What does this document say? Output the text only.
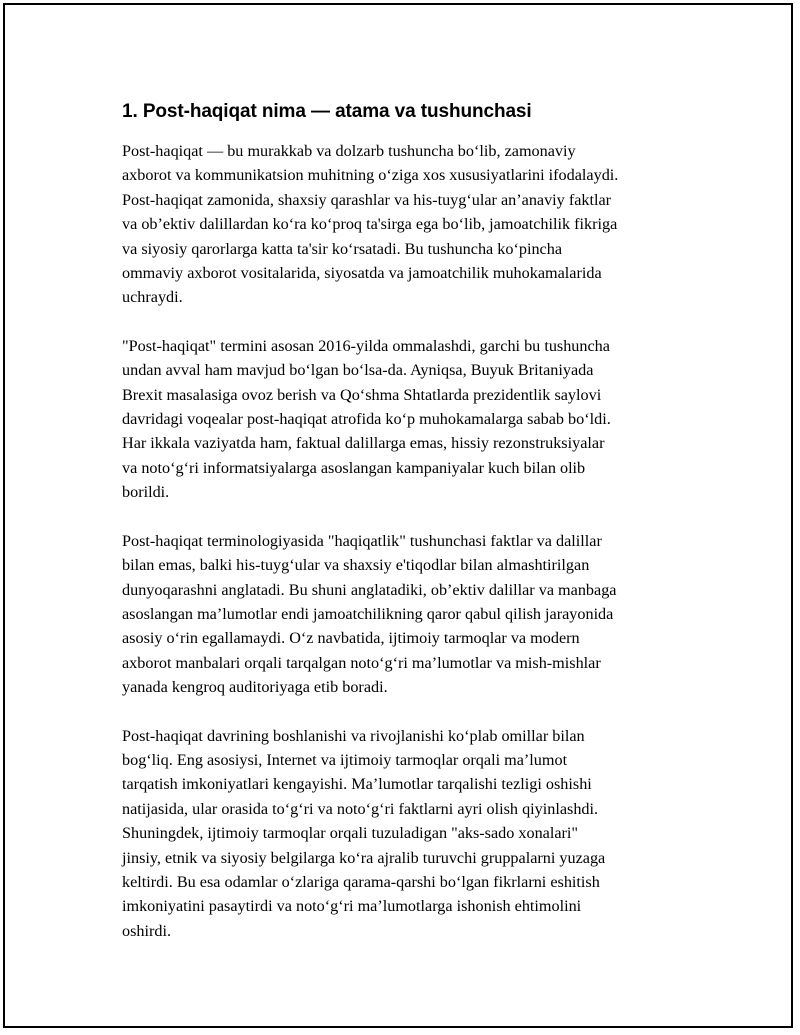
1. Post-haqiqat nima — atama va tushunchasi

Post-haqiqat — bu murakkab va dolzarb tushuncha bo‘lib, zamonaviy
axborot va kommunikatsion muhitning o‘ziga xos xususiyatlarini ifodalaydi.
Post-haqiqat zamonida, shaxsiy qarashlar va his-tuyg‘ular an’anaviy faktlar
va ob’ektiv dalillardan ko‘ra ko‘proq ta'sirga ega bo‘lib, jamoatchilik fikriga
va siyosiy qarorlarga katta ta'sir ko‘rsatadi. Bu tushuncha ko‘pincha
ommaviy axborot vositalarida, siyosatda va jamoatchilik muhokamalarida
uchraydi.

"Post-haqiqat" termini asosan 2016-yilda ommalashdi, garchi bu tushuncha
undan avval ham mavjud bo‘lgan bo‘lsa-da. Ayniqsa, Buyuk Britaniyada
Brexit masalasiga ovoz berish va Qo‘shma Shtatlarda prezidentlik saylovi
davridagi voqealar post-haqiqat atrofida ko‘p muhokamalarga sabab bo‘ldi.
Har ikkala vaziyatda ham, faktual dalillarga emas, hissiy rezonstruksiyalar
va noto‘g‘ri informatsiyalarga asoslangan kampaniyalar kuch bilan olib
borildi.

Post-haqiqat terminologiyasida "haqiqatlik" tushunchasi faktlar va dalillar
bilan emas, balki his-tuyg‘ular va shaxsiy e'tiqodlar bilan almashtirilgan
dunyoqarashni anglatadi. Bu shuni anglatadiki, ob’ektiv dalillar va manbaga
asoslangan ma’lumotlar endi jamoatchilikning qaror qabul qilish jarayonida
asosiy o‘rin egallamaydi. O‘z navbatida, ijtimoiy tarmoqlar va modern
axborot manbalari orqali tarqalgan noto‘g‘ri ma’lumotlar va mish-mishlar
yanada kengroq auditoriyaga etib boradi.

Post-haqiqat davrining boshlanishi va rivojlanishi ko‘plab omillar bilan
bog‘liq. Eng asosiysi, Internet va ijtimoiy tarmoqlar orqali ma’lumot
tarqatish imkoniyatlari kengayishi. Ma’lumotlar tarqalishi tezligi oshishi
natijasida, ular orasida to‘g‘ri va noto‘g‘ri faktlarni ayri olish qiyinlashdi.
Shuningdek, ijtimoiy tarmoqlar orqali tuzuladigan "aks-sado xonalari"
jinsiy, etnik va siyosiy belgilarga ko‘ra ajralib turuvchi gruppalarni yuzaga
keltirdi. Bu esa odamlar o‘zlariga qarama-qarshi bo‘lgan fikrlarni eshitish
imkoniyatini pasaytirdi va noto‘g‘ri ma’lumotlarga ishonish ehtimolini
oshirdi.
